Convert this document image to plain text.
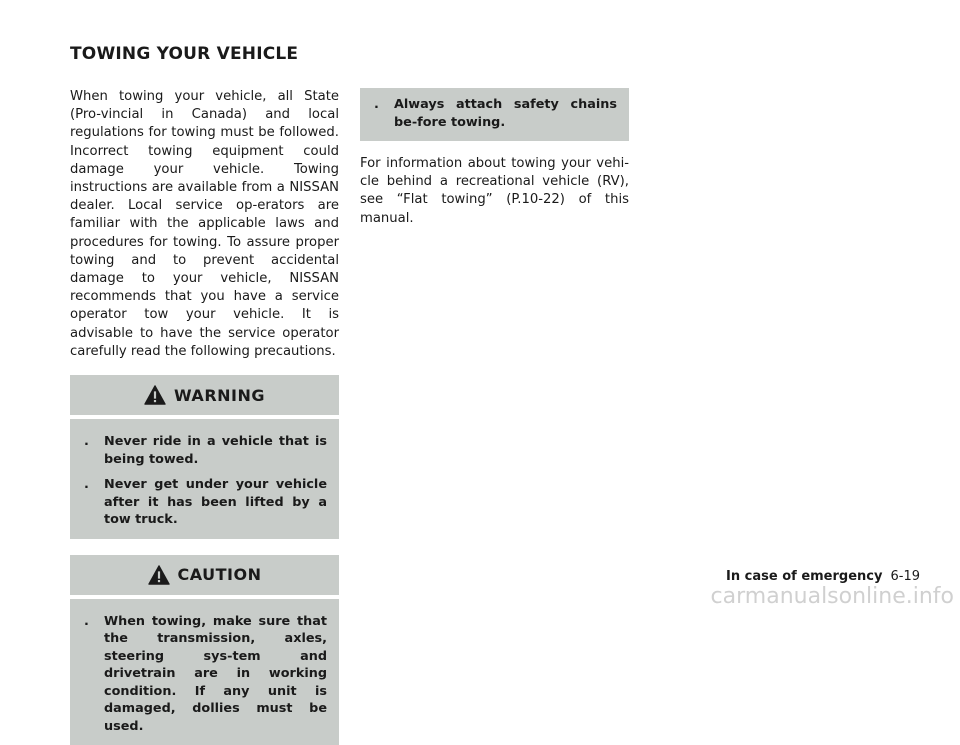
TOWING YOUR VEHICLE

When towing your vehicle, all State (Pro-vincial in Canada) and local regulations for towing must be followed. Incorrect towing equipment could damage your vehicle. Towing instructions are available from a NISSAN dealer. Local service op-erators are familiar with the applicable laws and procedures for towing. To assure proper towing and to prevent accidental damage to your vehicle, NISSAN recommends that you have a service operator tow your vehicle. It is advisable to have the service operator carefully read the following precautions.

WARNING
. Never ride in a vehicle that is being towed.
. Never get under your vehicle after it has been lifted by a tow truck.
CAUTION
. When towing, make sure that the transmission, axles, steering sys-tem and drivetrain are in working condition. If any unit is damaged, dollies must be used.
. Always attach safety chains be-fore towing.

For information about towing your vehi-cle behind a recreational vehicle (RV), see “Flat towing” (P.10-22) of this manual.

In case of emergency 6-19
carmanualsonline.info
